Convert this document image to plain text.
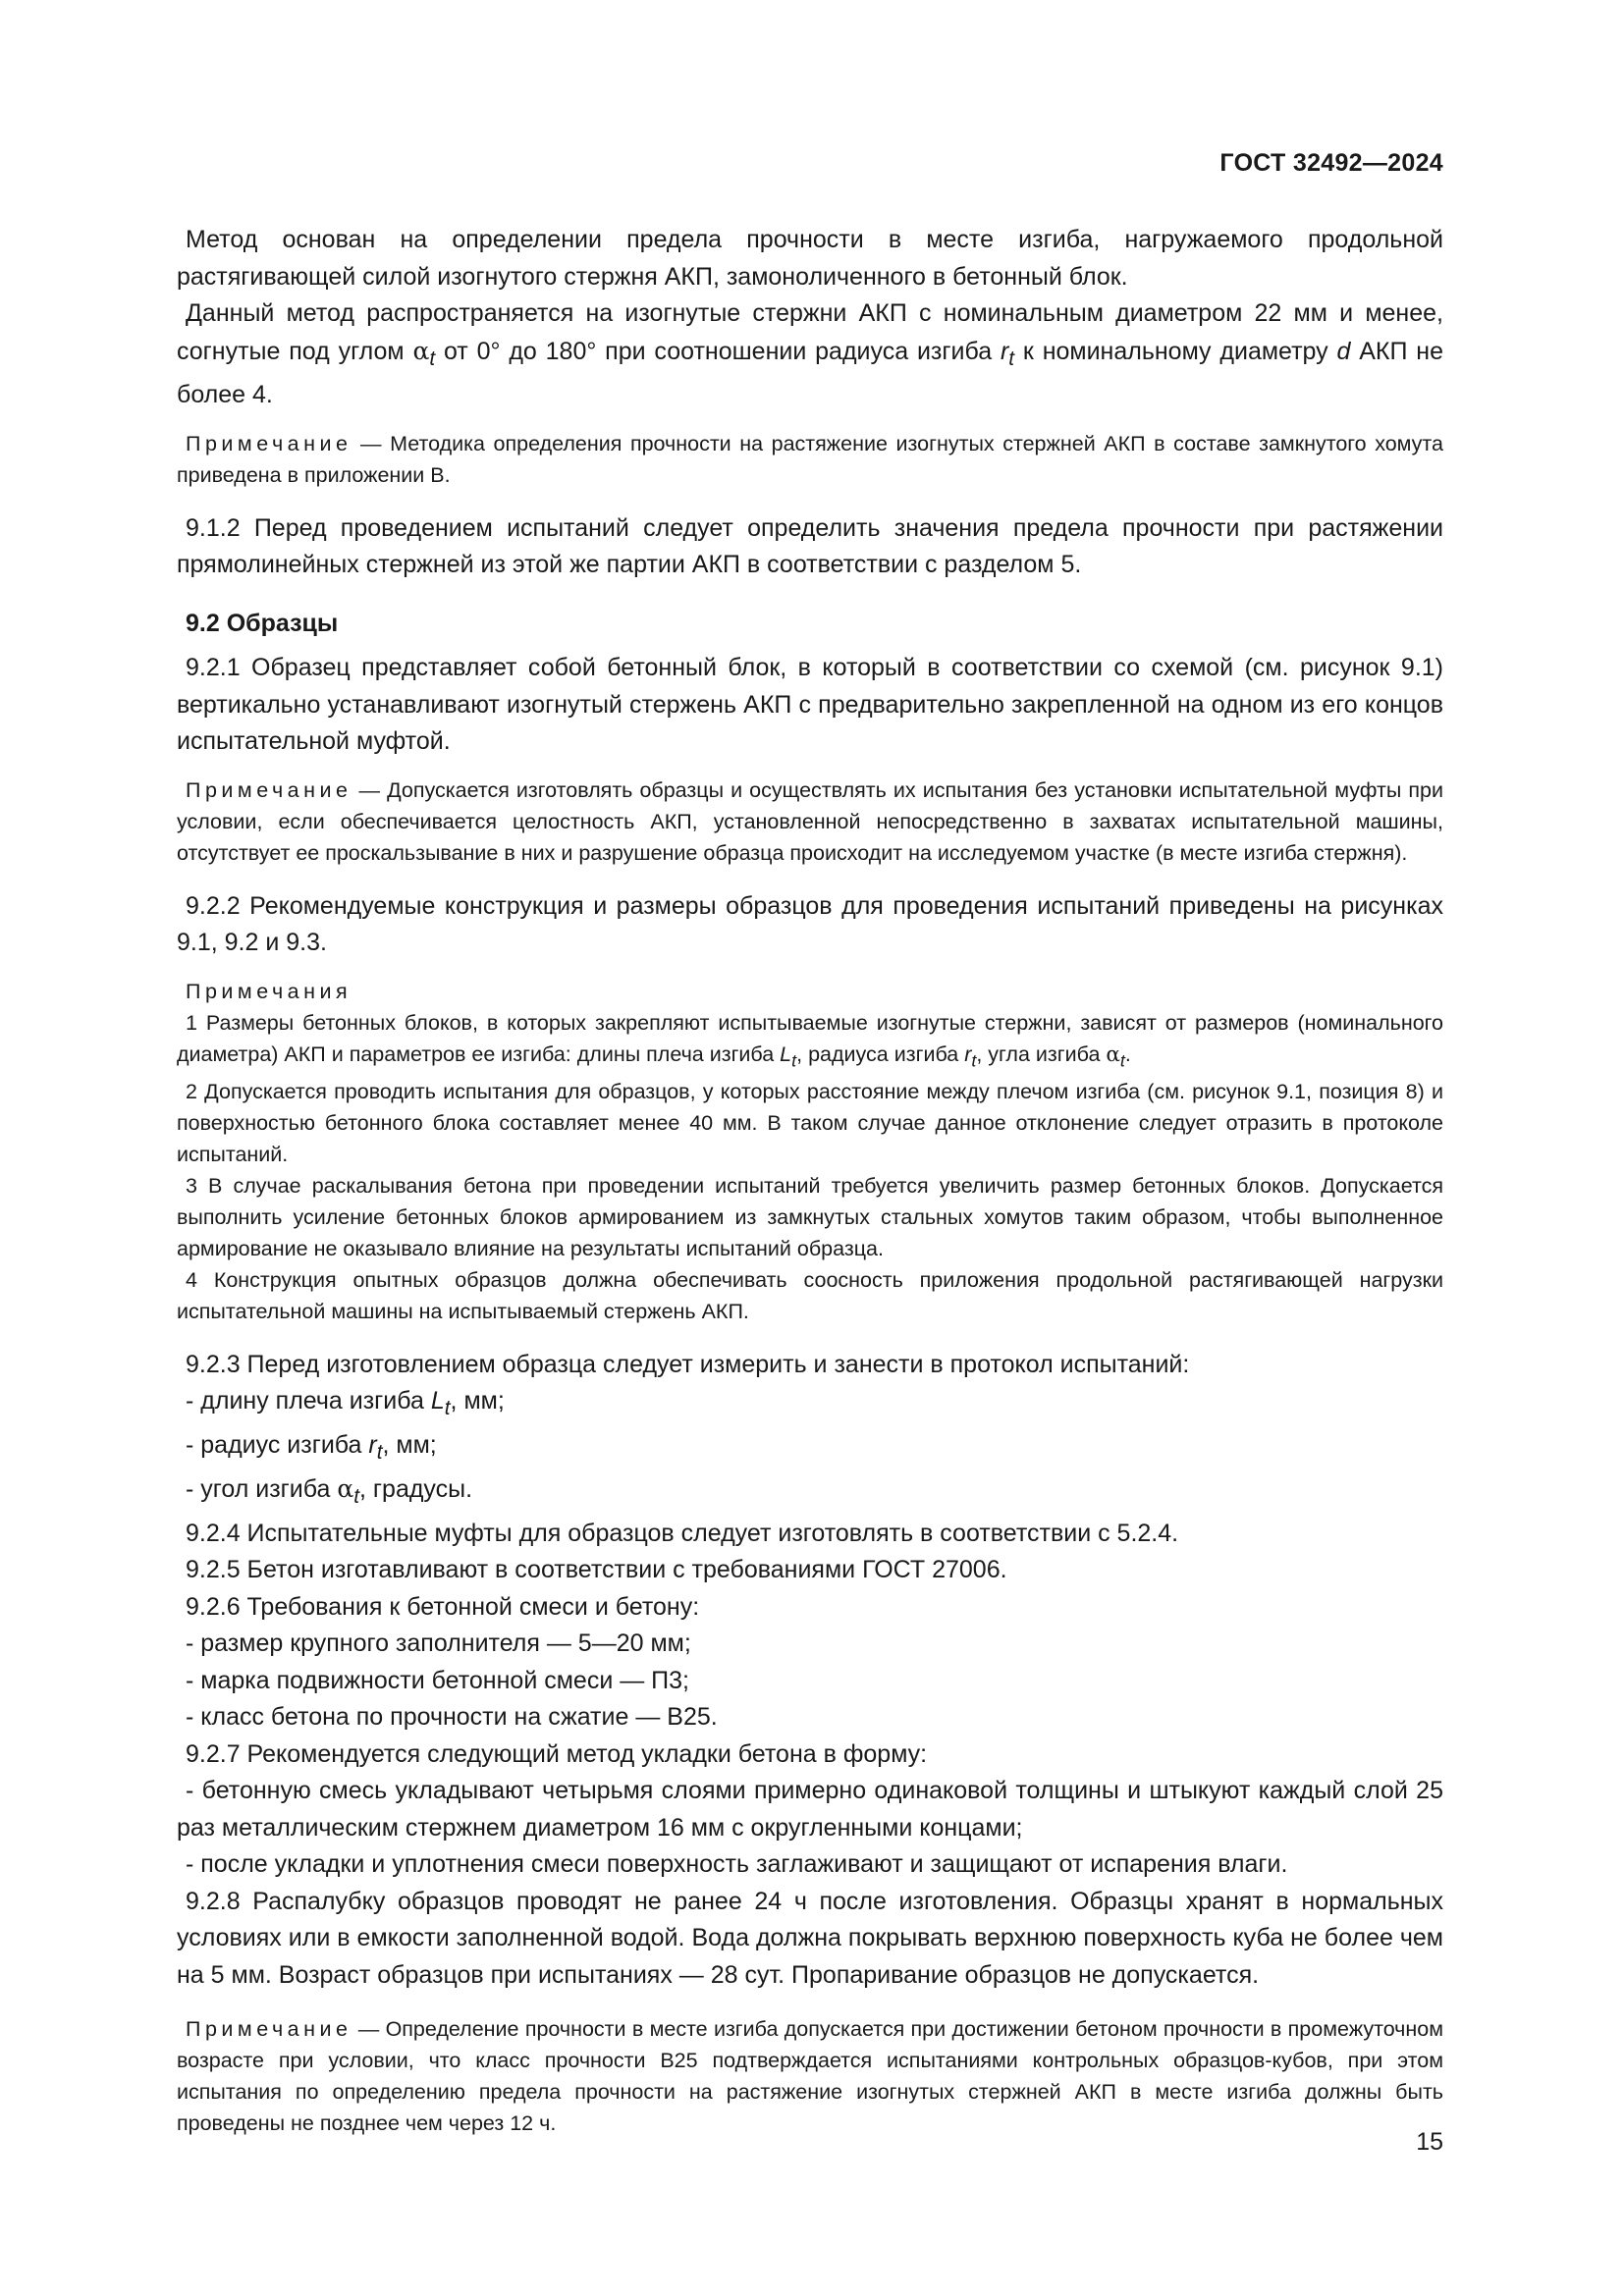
ГОСТ 32492—2024

Метод основан на определении предела прочности в месте изгиба, нагружаемого продольной растягивающей силой изогнутого стержня АКП, замоноличенного в бетонный блок.

Данный метод распространяется на изогнутые стержни АКП с номинальным диаметром 22 мм и менее, согнутые под углом $\alpha_t$ от 0° до 180° при соотношении радиуса изгиба $r_t$ к номинальному диаметру d АКП не более 4.

Примечание — Методика определения прочности на растяжение изогнутых стержней АКП в составе замкнутого хомута приведена в приложении В.

9.1.2 Перед проведением испытаний следует определить значения предела прочности при растяжении прямолинейных стержней из этой же партии АКП в соответствии с разделом 5.

9.2 Образцы

9.2.1 Образец представляет собой бетонный блок, в который в соответствии со схемой (см. рисунок 9.1) вертикально устанавливают изогнутый стержень АКП с предварительно закрепленной на одном из его концов испытательной муфтой.

Примечание — Допускается изготовлять образцы и осуществлять их испытания без установки испытательной муфты при условии, если обеспечивается целостность АКП, установленной непосредственно в захватах испытательной машины, отсутствует ее проскальзывание в них и разрушение образца происходит на исследуемом участке (в месте изгиба стержня).

9.2.2 Рекомендуемые конструкция и размеры образцов для проведения испытаний приведены на рисунках 9.1, 9.2 и 9.3.

Примечания

1 Размеры бетонных блоков, в которых закрепляют испытываемые изогнутые стержни, зависят от размеров (номинального диаметра) АКП и параметров ее изгиба: длины плеча изгиба $L_t$, радиуса изгиба $r_t$, угла изгиба $\alpha_t$.

2 Допускается проводить испытания для образцов, у которых расстояние между плечом изгиба (см. рисунок 9.1, позиция 8) и поверхностью бетонного блока составляет менее 40 мм. В таком случае данное отклонение следует отразить в протоколе испытаний.

3 В случае раскалывания бетона при проведении испытаний требуется увеличить размер бетонных блоков. Допускается выполнить усиление бетонных блоков армированием из замкнутых стальных хомутов таким образом, чтобы выполненное армирование не оказывало влияние на результаты испытаний образца.

4 Конструкция опытных образцов должна обеспечивать соосность приложения продольной растягивающей нагрузки испытательной машины на испытываемый стержень АКП.

9.2.3 Перед изготовлением образца следует измерить и занести в протокол испытаний:

- длину плеча изгиба $L_t$, мм;

- радиус изгиба $r_t$, мм;

- угол изгиба $\alpha_t$, градусы.

9.2.4 Испытательные муфты для образцов следует изготовлять в соответствии с 5.2.4.

9.2.5 Бетон изготавливают в соответствии с требованиями ГОСТ 27006.

9.2.6 Требования к бетонной смеси и бетону:

- размер крупного заполнителя — 5—20 мм;

- марка подвижности бетонной смеси — П3;

- класс бетона по прочности на сжатие — В25.

9.2.7 Рекомендуется следующий метод укладки бетона в форму:

- бетонную смесь укладывают четырьмя слоями примерно одинаковой толщины и штыкуют каждый слой 25 раз металлическим стержнем диаметром 16 мм с округленными концами;

- после укладки и уплотнения смеси поверхность заглаживают и защищают от испарения влаги.

9.2.8 Распалубку образцов проводят не ранее 24 ч после изготовления. Образцы хранят в нормальных условиях или в емкости заполненной водой. Вода должна покрывать верхнюю поверхность куба не более чем на 5 мм. Возраст образцов при испытаниях — 28 сут. Пропаривание образцов не допускается.

Примечание — Определение прочности в месте изгиба допускается при достижении бетоном прочности в промежуточном возрасте при условии, что класс прочности В25 подтверждается испытаниями контрольных образцов-кубов, при этом испытания по определению предела прочности на растяжение изогнутых стержней АКП в месте изгиба должны быть проведены не позднее чем через 12 ч.

15
